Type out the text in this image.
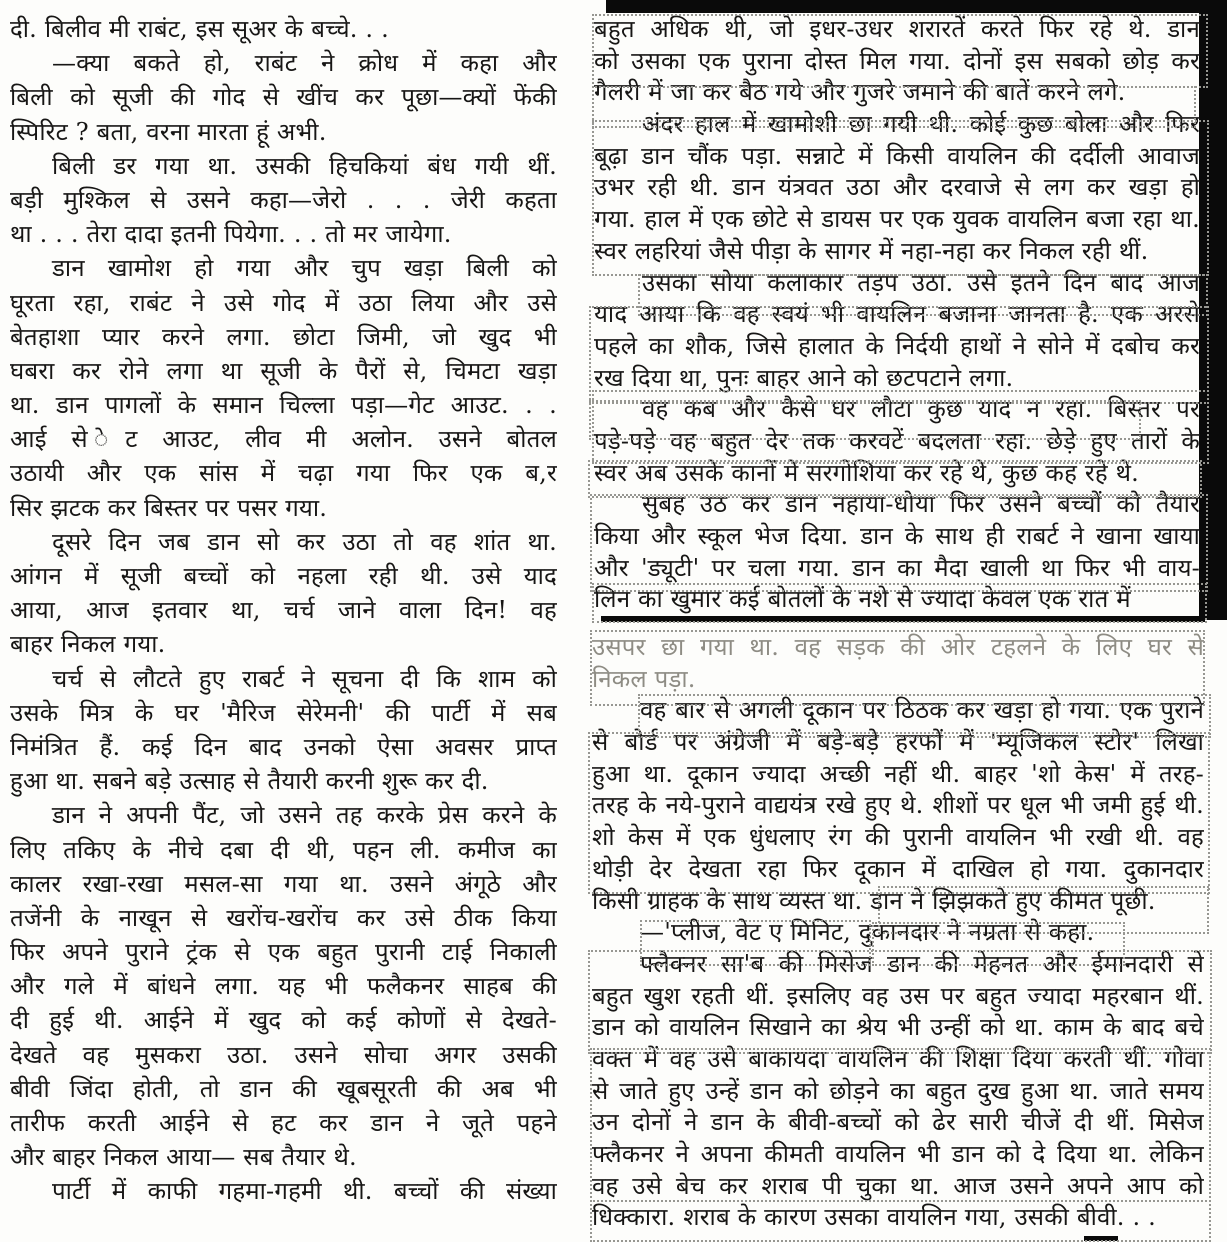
दी. बिलीव मी राबंट, इस सूअर के बच्चे. . .
—क्या बकते हो, राबंट ने क्रोध में कहा और
बिली को सूजी की गोद से खींच कर पूछा—क्यों फेंकी
स्पिरिट ? बता, वरना मारता हूं अभी.
बिली डर गया था. उसकी हिचकियां बंध गयी थीं.
बड़ी मुश्किल से उसने कहा—जेरो . . . जेरी कहता
था . . . तेरा दादा इतनी पियेगा. . . तो मर जायेगा.
डान खामोश हो गया और चुप खड़ा बिली को
घूरता रहा, राबंट ने उसे गोद में उठा लिया और उसे
बेतहाशा प्यार करने लगा. छोटा जिमी, जो खुद भी
घबरा कर रोने लगा था सूजी के पैरों से, चिमटा खड़ा
था. डान पागलों के समान चिल्ला पड़ा—गेट आउट. . .
आई से ेट आउट, लीव मी अलोन. उसने बोतल
उठायी और एक सांस में चढ़ा गया फिर एक ब,र
सिर झटक कर बिस्तर पर पसर गया.
दूसरे दिन जब डान सो कर उठा तो वह शांत था.
आंगन में सूजी बच्चों को नहला रही थी. उसे याद
आया, आज इतवार था, चर्च जाने वाला दिन! वह
बाहर निकल गया.
चर्च से लौटते हुए राबर्ट ने सूचना दी कि शाम को
उसके मित्र के घर 'मैरिज सेरेमनी' की पार्टी में सब
निमंत्रित हैं. कई दिन बाद उनको ऐसा अवसर प्राप्त
हुआ था. सबने बड़े उत्साह से तैयारी करनी शुरू कर दी.
डान ने अपनी पैंट, जो उसने तह करके प्रेस करने के
लिए तकिए के नीचे दबा दी थी, पहन ली. कमीज का
कालर रखा-रखा मसल-सा गया था. उसने अंगूठे और
तजेंनी के नाखून से खरोंच-खरोंच कर उसे ठीक किया
फिर अपने पुराने ट्रंक से एक बहुत पुरानी टाई निकाली
और गले में बांधने लगा. यह भी फलैकनर साहब की
दी हुई थी. आईने में खुद को कई कोणों से देखते-
देखते वह मुसकरा उठा. उसने सोचा अगर उसकी
बीवी जिंदा होती, तो डान की खूबसूरती की अब भी
तारीफ करती आईने से हट कर डान ने जूते पहने
और बाहर निकल आया— सब तैयार थे.
पार्टी में काफी गहमा-गहमी थी. बच्चों की संख्या
बहुत अधिक थी, जो इधर-उधर शरारतें करते फिर रहे थे. डान
को उसका एक पुराना दोस्त मिल गया. दोनों इस सबको छोड़ कर
गैलरी में जा कर बैठ गये और गुजरे जमाने की बातें करने लगे.
अंदर हाल में खामोशी छा गयी थी. कोई कुछ बोला और फिर
बूढ़ा डान चौंक पड़ा. सन्नाटे में किसी वायलिन की दर्दीली आवाज
उभर रही थी. डान यंत्रवत उठा और दरवाजे से लग कर खड़ा हो
गया. हाल में एक छोटे से डायस पर एक युवक वायलिन बजा रहा था.
स्वर लहरियां जैसे पीड़ा के सागर में नहा-नहा कर निकल रही थीं.
उसका सोया कलाकार तड़प उठा. उसे इतने दिन बाद आज
याद आया कि वह स्वयं भी वायलिन बजाना जानता है. एक अरसे
पहले का शौक, जिसे हालात के निर्दयी हाथों ने सोने में दबोच कर
रख दिया था, पुनः बाहर आने को छटपटाने लगा.
वह कब और कैसे घर लौटा कुछ याद न रहा. बिस्तर पर
पड़े-पड़े वह बहुत देर तक करवटें बदलता रहा. छेड़े हुए तारों के
स्वर अब उसके कानों में सरगोशियां कर रहे थे, कुछ कह रहे थे.
सुबह उठ कर डान नहाया-धोया फिर उसने बच्चों को तैयार
किया और स्कूल भेज दिया. डान के साथ ही राबर्ट ने खाना खाया
और 'ड्यूटी' पर चला गया. डान का मैदा खाली था फिर भी वाय-
लिन का खुमार कई बोतलों के नशे से ज्यादा केवल एक रात में
उसपर छा गया था. वह सड़क की ओर टहलने के लिए घर से
निकल पड़ा.
वह बार से अगली दूकान पर ठिठक कर खड़ा हो गया. एक पुराने
से बोर्ड पर अंग्रेजी में बड़े-बड़े हरफों में 'म्यूजिकल स्टोर' लिखा
हुआ था. दूकान ज्यादा अच्छी नहीं थी. बाहर 'शो केस' में तरह-
तरह के नये-पुराने वाद्ययंत्र रखे हुए थे. शीशों पर धूल भी जमी हुई थी.
शो केस में एक धुंधलाए रंग की पुरानी वायलिन भी रखी थी. वह
थोड़ी देर देखता रहा फिर दूकान में दाखिल हो गया. दुकानदार
किसी ग्राहक के साथ व्यस्त था. डान ने झिझकते हुए कीमत पूछी.
—'प्लीज, वेट ए मिनिट, दुकानदार ने नम्रता से कहा.
फ्लैक्नर सा'ब की मिसेज डान की मेहनत और ईमानदारी से
बहुत खुश रहती थीं. इसलिए वह उस पर बहुत ज्यादा महरबान थीं.
डान को वायलिन सिखाने का श्रेय भी उन्हीं को था. काम के बाद बचे
वक्त में वह उसे बाकायदा वायलिन की शिक्षा दिया करती थीं. गोवा
से जाते हुए उन्हें डान को छोड़ने का बहुत दुख हुआ था. जाते समय
उन दोनों ने डान के बीवी-बच्चों को ढेर सारी चीजें दी थीं. मिसेज
फ्लैकनर ने अपना कीमती वायलिन भी डान को दे दिया था. लेकिन
वह उसे बेच कर शराब पी चुका था. आज उसने अपने आप को
धिक्कारा. शराब के कारण उसका वायलिन गया, उसकी बीवी. . .
